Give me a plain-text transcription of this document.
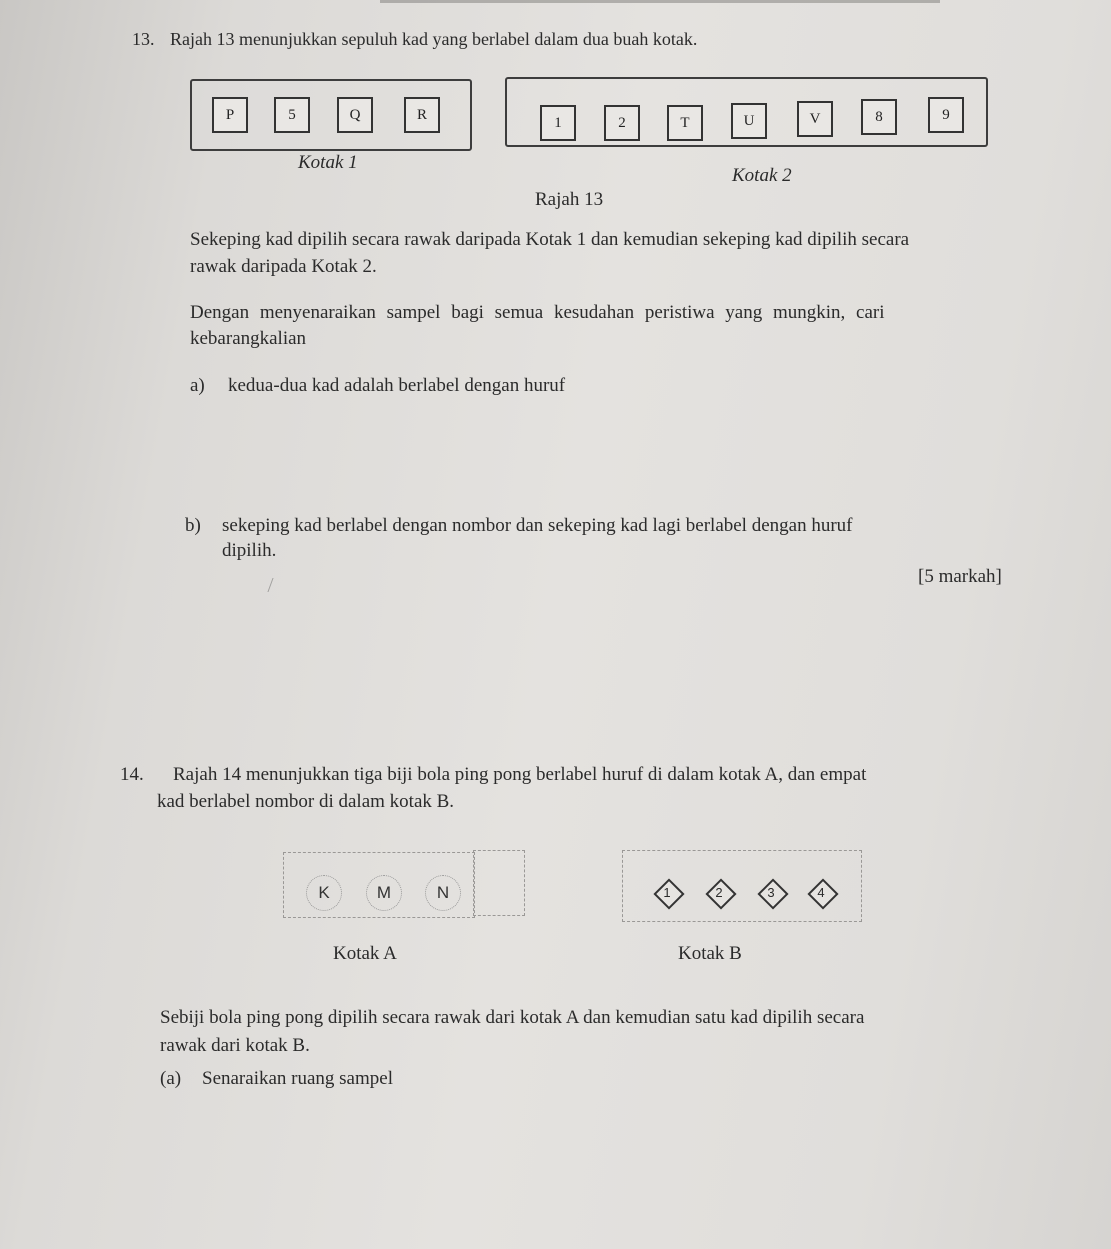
13. Rajah 13 menunjukkan sepuluh kad yang berlabel dalam dua buah kotak.
P	5	Q	R	1	2	T	U	V	8	9
Kotak 1
Kotak 2
Rajah 13
Sekeping kad dipilih secara rawak daripada Kotak 1 dan kemudian sekeping kad dipilih secara
rawak daripada Kotak 2.
Dengan menyenaraikan sampel bagi semua kesudahan peristiwa yang mungkin, cari
kebarangkalian
a) kedua-dua kad adalah berlabel dengan huruf
b) sekeping kad berlabel dengan nombor dan sekeping kad lagi berlabel dengan huruf
dipilih.
[5 markah]
14. Rajah 14 menunjukkan tiga biji bola ping pong berlabel huruf di dalam kotak A, dan empat
kad berlabel nombor di dalam kotak B.
K	M	N	1	2	3	4
Kotak A	Kotak B
Sebiji bola ping pong dipilih secara rawak dari kotak A dan kemudian satu kad dipilih secara
rawak dari kotak B.
(a) Senaraikan ruang sampel
